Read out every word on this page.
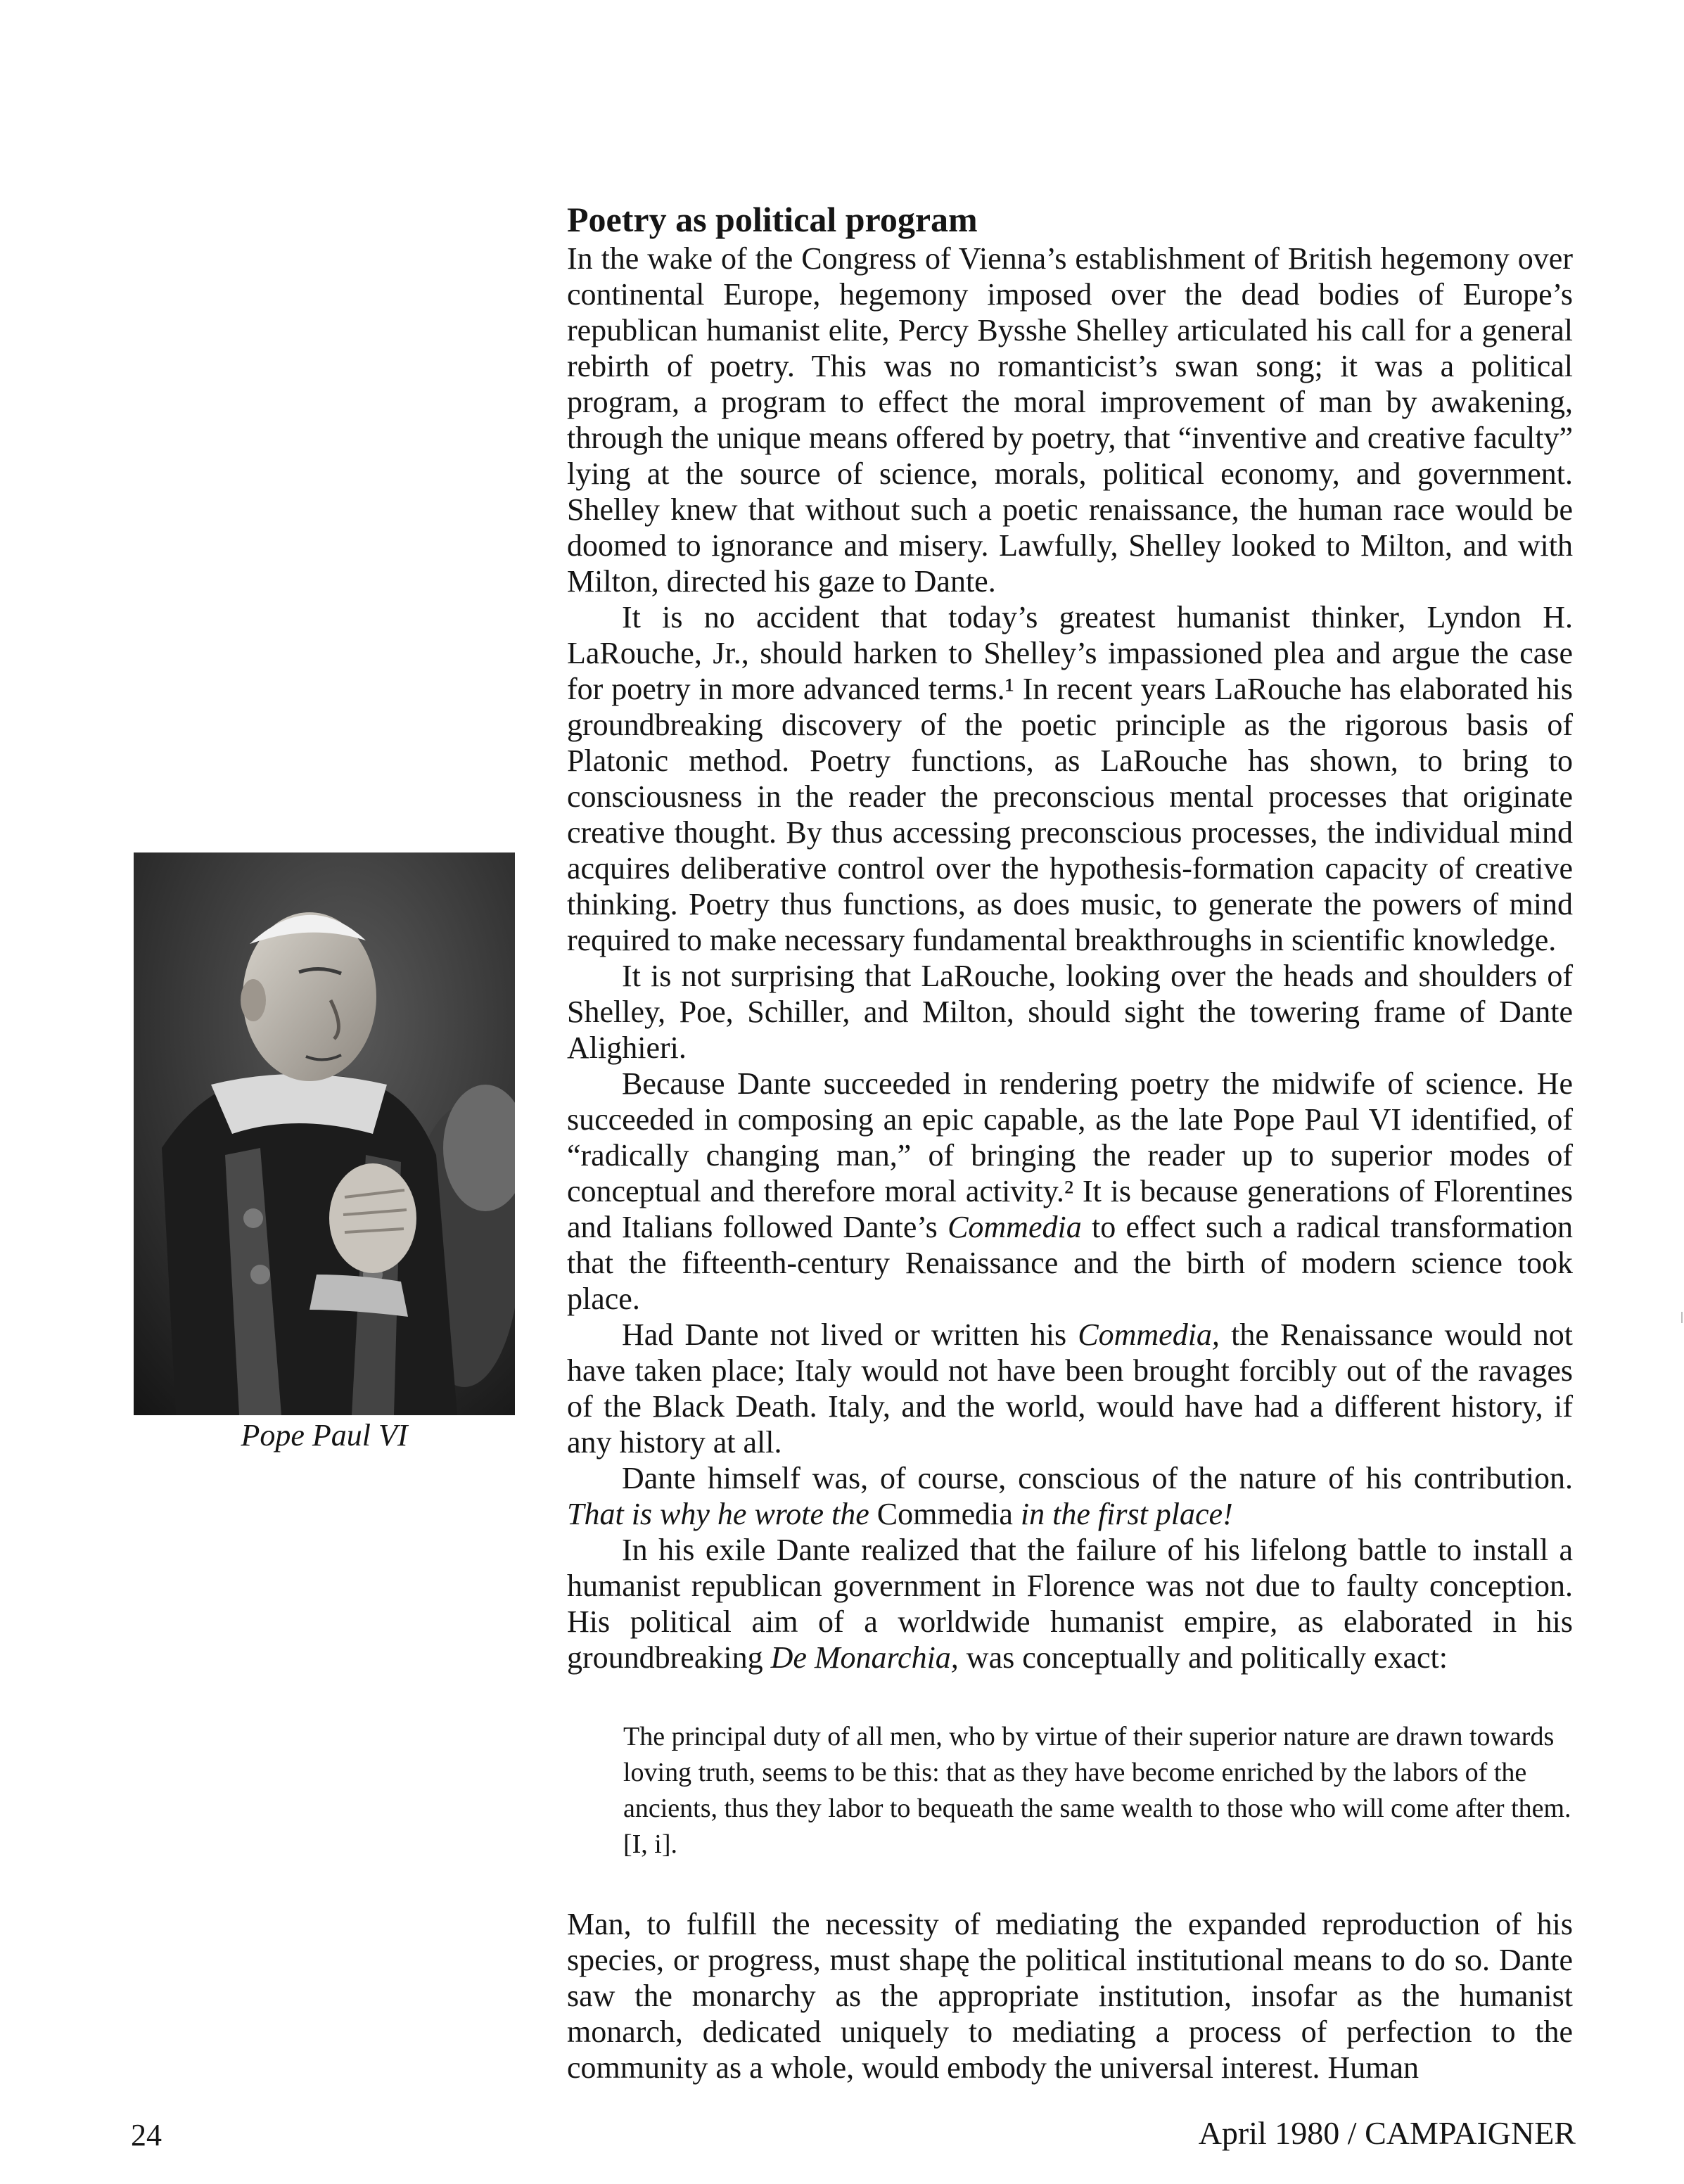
Pope Paul VI
Poetry as political program

In the wake of the Congress of Vienna’s establishment of British hegemony over continental Europe, hegemony imposed over the dead bodies of Europe’s republican humanist elite, Percy Bysshe Shelley articulated his call for a general rebirth of poetry. This was no romanticist’s swan song; it was a political program, a program to effect the moral improvement of man by awakening, through the unique means offered by poetry, that “inventive and creative faculty” lying at the source of science, morals, political economy, and government. Shelley knew that without such a poetic renaissance, the human race would be doomed to ignorance and misery. Lawfully, Shelley looked to Milton, and with Milton, directed his gaze to Dante.

It is no accident that today’s greatest humanist thinker, Lyndon H. LaRouche, Jr., should harken to Shelley’s impassioned plea and argue the case for poetry in more advanced terms.¹ In recent years LaRouche has elaborated his groundbreaking discovery of the poetic principle as the rigorous basis of Platonic method. Poetry functions, as LaRouche has shown, to bring to consciousness in the reader the preconscious mental processes that originate creative thought. By thus accessing preconscious processes, the individual mind acquires deliberative control over the hypothesis-formation capacity of creative thinking. Poetry thus functions, as does music, to generate the powers of mind required to make necessary fundamental breakthroughs in scientific knowledge.

It is not surprising that LaRouche, looking over the heads and shoulders of Shelley, Poe, Schiller, and Milton, should sight the towering frame of Dante Alighieri.

Because Dante succeeded in rendering poetry the midwife of science. He succeeded in composing an epic capable, as the late Pope Paul VI identified, of “radically changing man,” of bringing the reader up to superior modes of conceptual and therefore moral activity.² It is because generations of Florentines and Italians followed Dante’s Commedia to effect such a radical transformation that the fifteenth-century Renaissance and the birth of modern science took place.

Had Dante not lived or written his Commedia, the Renaissance would not have taken place; Italy would not have been brought forcibly out of the ravages of the Black Death. Italy, and the world, would have had a different history, if any history at all.

Dante himself was, of course, conscious of the nature of his contribution. That is why he wrote the Commedia in the first place!

In his exile Dante realized that the failure of his lifelong battle to install a humanist republican government in Florence was not due to faulty conception. His political aim of a worldwide humanist empire, as elaborated in his groundbreaking De Monarchia, was conceptually and politically exact:

The principal duty of all men, who by virtue of their superior nature are drawn towards loving truth, seems to be this: that as they have become enriched by the labors of the ancients, thus they labor to bequeath the same wealth to those who will come after them.[I, i].

Man, to fulfill the necessity of mediating the expanded reproduction of his species, or progress, must shapę the political institutional means to do so. Dante saw the monarchy as the appropriate institution, insofar as the humanist monarch, dedicated uniquely to mediating a process of perfection to the community as a whole, would embody the universal interest. Human

24	April 1980 / CAMPAIGNER
